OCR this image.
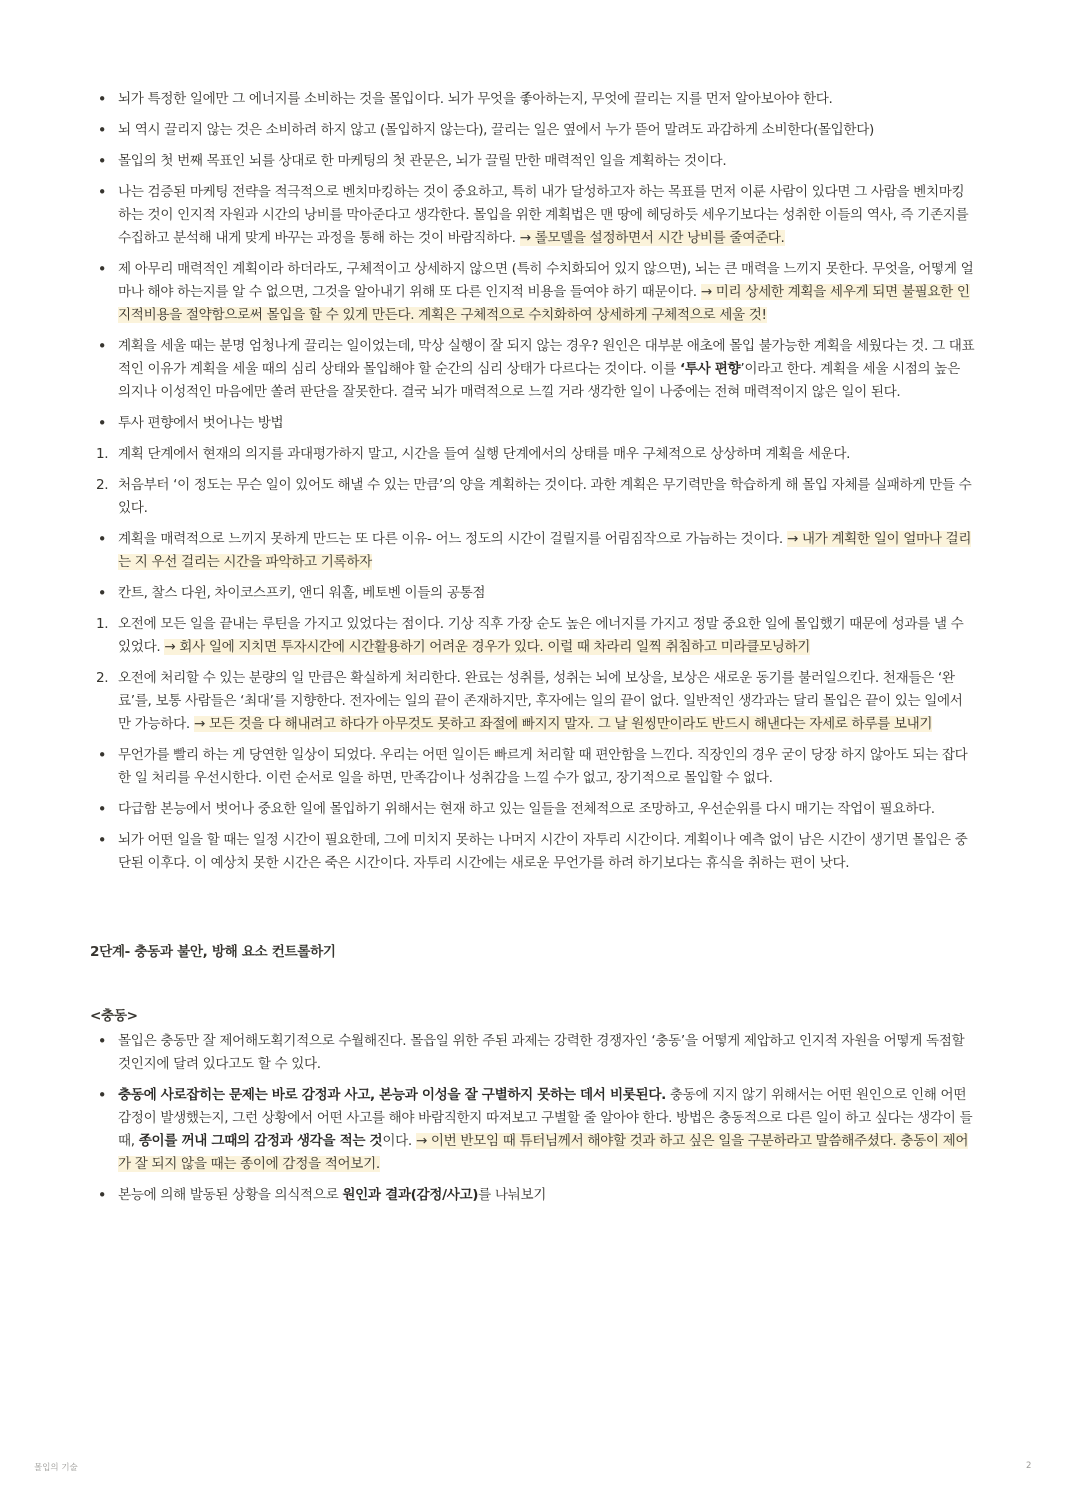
• 뇌가 특정한 일에만 그 에너지를 소비하는 것을 몰입이다. 뇌가 무엇을 좋아하는지, 무엇에 끌리는 지를 먼저 알아보아야 한다.
• 뇌 역시 끌리지 않는 것은 소비하려 하지 않고 (몰입하지 않는다), 끌리는 일은 옆에서 누가 뜯어 말려도 과감하게 소비한다(몰입한다)
• 몰입의 첫 번째 목표인 뇌를 상대로 한 마케팅의 첫 관문은, 뇌가 끌릴 만한 매력적인 일을 계획하는 것이다.
• 나는 검증된 마케팅 전략을 적극적으로 벤치마킹하는 것이 중요하고, 특히 내가 달성하고자 하는 목표를 먼저 이룬 사람이 있다면 그 사람을 벤치마킹하는 것이 인지적 자원과 시간의 낭비를 막아준다고 생각한다. 몰입을 위한 계획법은 맨 땅에 헤딩하듯 세우기보다는 성취한 이들의 역사, 즉 기존지를 수집하고 분석해 내게 맞게 바꾸는 과정을 통해 하는 것이 바람직하다. → 롤모델을 설정하면서 시간 낭비를 줄여준다.
• 제 아무리 매력적인 계획이라 하더라도, 구체적이고 상세하지 않으면 (특히 수치화되어 있지 않으면), 뇌는 큰 매력을 느끼지 못한다. 무엇을, 어떻게 얼마나 해야 하는지를 알 수 없으면, 그것을 알아내기 위해 또 다른 인지적 비용을 들여야 하기 때문이다. → 미리 상세한 계획을 세우게 되면 불필요한 인지적비용을 절약함으로써 몰입을 할 수 있게 만든다. 계획은 구체적으로 수치화하여 상세하게 구체적으로 세울 것!
• 계획을 세울 때는 분명 엄청나게 끌리는 일이었는데, 막상 실행이 잘 되지 않는 경우? 원인은 대부분 애초에 몰입 불가능한 계획을 세웠다는 것. 그 대표적인 이유가 계획을 세울 때의 심리 상태와 몰입해야 할 순간의 심리 상태가 다르다는 것이다. 이를 ‘투사 편향’이라고 한다. 계획을 세울 시점의 높은 의지나 이성적인 마음에만 쏠려 판단을 잘못한다. 결국 뇌가 매력적으로 느낄 거라 생각한 일이 나중에는 전혀 매력적이지 않은 일이 된다.
• 투사 편향에서 벗어나는 방법
1. 계획 단계에서 현재의 의지를 과대평가하지 말고, 시간을 들여 실행 단계에서의 상태를 매우 구체적으로 상상하며 계획을 세운다.
2. 처음부터 ‘이 정도는 무슨 일이 있어도 해낼 수 있는 만큼’의 양을 계획하는 것이다. 과한 계획은 무기력만을 학습하게 해 몰입 자체를 실패하게 만들 수 있다.
• 계획을 매력적으로 느끼지 못하게 만드는 또 다른 이유- 어느 정도의 시간이 걸릴지를 어림짐작으로 가늠하는 것이다. → 내가 계획한 일이 얼마나 걸리는 지 우선 걸리는 시간을 파악하고 기록하자
• 칸트, 찰스 다윈, 차이코스프키, 앤디 워홀, 베토벤 이들의 공통점
1. 오전에 모든 일을 끝내는 루틴을 가지고 있었다는 점이다. 기상 직후 가장 순도 높은 에너지를 가지고 정말 중요한 일에 몰입했기 때문에 성과를 낼 수 있었다. → 회사 일에 지치면 투자시간에 시간활용하기 어려운 경우가 있다. 이럴 때 차라리 일찍 취침하고 미라클모닝하기
2. 오전에 처리할 수 있는 분량의 일 만큼은 확실하게 처리한다. 완료는 성취를, 성취는 뇌에 보상을, 보상은 새로운 동기를 불러일으킨다. 천재들은 ‘완료’를, 보통 사람들은 ‘최대’를 지향한다. 전자에는 일의 끝이 존재하지만, 후자에는 일의 끝이 없다. 일반적인 생각과는 달리 몰입은 끝이 있는 일에서만 가능하다. → 모든 것을 다 해내려고 하다가 아무것도 못하고 좌절에 빠지지 말자. 그 날 원씽만이라도 반드시 해낸다는 자세로 하루를 보내기
• 무언가를 빨리 하는 게 당연한 일상이 되었다. 우리는 어떤 일이든 빠르게 처리할 때 편안함을 느낀다. 직장인의 경우 굳이 당장 하지 않아도 되는 잡다한 일 처리를 우선시한다. 이런 순서로 일을 하면, 만족감이나 성취감을 느낄 수가 없고, 장기적으로 몰입할 수 없다.
• 다급함 본능에서 벗어나 중요한 일에 몰입하기 위해서는 현재 하고 있는 일들을 전체적으로 조망하고, 우선순위를 다시 매기는 작업이 필요하다.
• 뇌가 어떤 일을 할 때는 일정 시간이 필요한데, 그에 미치지 못하는 나머지 시간이 자투리 시간이다. 계획이나 예측 없이 남은 시간이 생기면 몰입은 중단된 이후다. 이 예상치 못한 시간은 죽은 시간이다. 자투리 시간에는 새로운 무언가를 하려 하기보다는 휴식을 취하는 편이 낫다.
2단계- 충동과 불안, 방해 요소 컨트롤하기
<충동>
• 몰입은 충동만 잘 제어해도획기적으로 수월해진다. 몰읍일 위한 주된 과제는 강력한 경쟁자인 ‘충동’을 어떻게 제압하고 인지적 자원을 어떻게 독점할 것인지에 달려 있다고도 할 수 있다.
• 충동에 사로잡히는 문제는 바로 감정과 사고, 본능과 이성을 잘 구별하지 못하는 데서 비롯된다. 충동에 지지 않기 위해서는 어떤 원인으로 인해 어떤 감정이 발생했는지, 그런 상황에서 어떤 사고를 해야 바람직한지 따져보고 구별할 줄 알아야 한다. 방법은 충동적으로 다른 일이 하고 싶다는 생각이 들 때, 종이를 꺼내 그때의 감정과 생각을 적는 것이다. → 이번 반모임 때 튜터님께서 해야할 것과 하고 싶은 일을 구분하라고 말씀해주셨다. 충동이 제어가 잘 되지 않을 때는 종이에 감정을 적어보기.
• 본능에 의해 발동된 상황을 의식적으로 원인과 결과(감정/사고)를 나눠보기
몰입의 기술	2
